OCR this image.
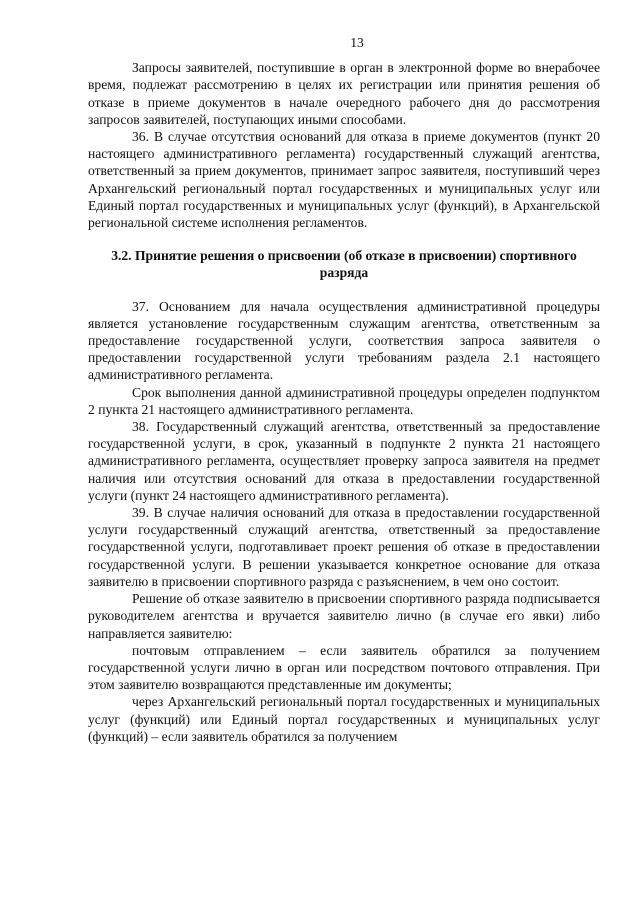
13

Запросы заявителей, поступившие в орган в электронной форме во внерабочее время, подлежат рассмотрению в целях их регистрации или принятия решения об отказе в приеме документов в начале очередного рабочего дня до рассмотрения запросов заявителей, поступающих иными способами.

36. В случае отсутствия оснований для отказа в приеме документов (пункт 20 настоящего административного регламента) государственный служащий агентства, ответственный за прием документов, принимает запрос заявителя, поступивший через Архангельский региональный портал государственных и муниципальных услуг или Единый портал государственных и муниципальных услуг (функций), в Архангельской региональной системе исполнения регламентов.

3.2. Принятие решения о присвоении (об отказе в присвоении) спортивного разряда

37. Основанием для начала осуществления административной процедуры является установление государственным служащим агентства, ответственным за предоставление государственной услуги, соответствия запроса заявителя о предоставлении государственной услуги требованиям раздела 2.1 настоящего административного регламента.

Срок выполнения данной административной процедуры определен подпунктом 2 пункта 21 настоящего административного регламента.

38. Государственный служащий агентства, ответственный за предоставление государственной услуги, в срок, указанный в подпункте 2 пункта 21 настоящего административного регламента, осуществляет проверку запроса заявителя на предмет наличия или отсутствия оснований для отказа в предоставлении государственной услуги (пункт 24 настоящего административного регламента).

39. В случае наличия оснований для отказа в предоставлении государственной услуги государственный служащий агентства, ответственный за предоставление государственной услуги, подготавливает проект решения об отказе в предоставлении государственной услуги. В решении указывается конкретное основание для отказа заявителю в присвоении спортивного разряда с разъяснением, в чем оно состоит.

Решение об отказе заявителю в присвоении спортивного разряда подписывается руководителем агентства и вручается заявителю лично (в случае его явки) либо направляется заявителю:

почтовым отправлением – если заявитель обратился за получением государственной услуги лично в орган или посредством почтового отправления. При этом заявителю возвращаются представленные им документы;

через Архангельский региональный портал государственных и муниципальных услуг (функций) или Единый портал государственных и муниципальных услуг (функций) – если заявитель обратился за получением
